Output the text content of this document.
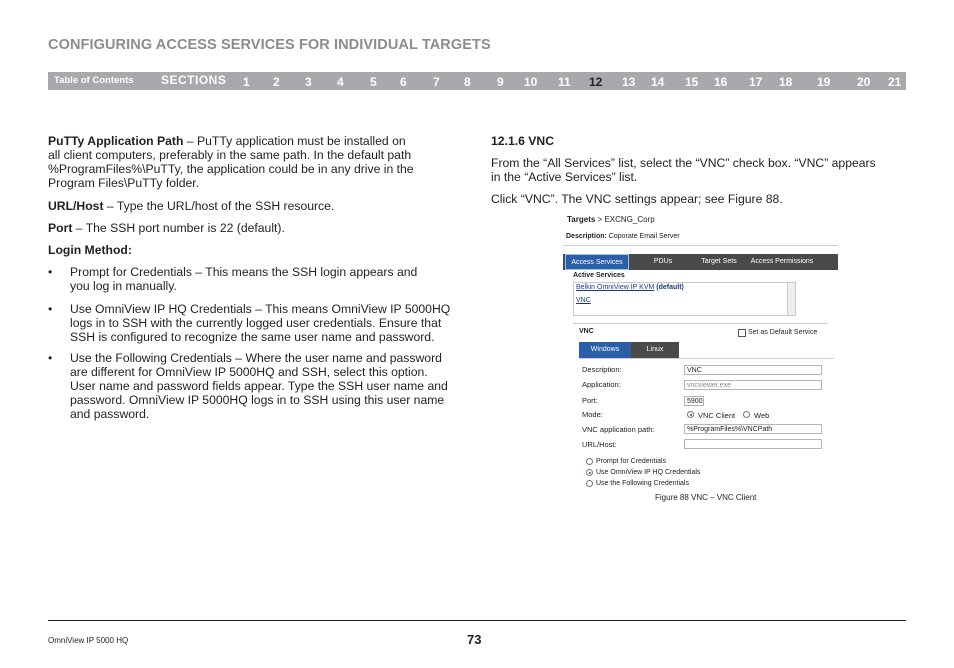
CONFIGURING ACCESS SERVICES FOR INDIVIDUAL TARGETS
Table of Contents SECTIONS 1 2 3 4 5 6 7 8 9 10 11 12 13 14 15 16 17 18 19 20 21

PuTTy Application Path – PuTTy application must be installed on

all client computers, preferably in the same path. In the default path

%ProgramFiles%\PuTTy, the application could be in any drive in the

Program Files\PuTTy folder.

URL/Host – Type the URL/host of the SSH resource.

Port – The SSH port number is 22 (default).

Login Method:

• Prompt for Credentials – This means the SSH login appears and
you log in manually.
• Use OmniView IP HQ Credentials – This means OmniView IP 5000HQ
logs in to SSH with the currently logged user credentials. Ensure that
SSH is configured to recognize the same user name and password.
• Use the Following Credentials – Where the user name and password
are different for OmniView IP 5000HQ and SSH, select this option.
User name and password fields appear. Type the SSH user name and
password. OmniView IP 5000HQ logs in to SSH using this user name
and password.

12.1.6 VNC

From the “All Services” list, select the “VNC” check box. “VNC” appears

in the “Active Services” list.

Click “VNC”. The VNC settings appear; see Figure 88.

Targets > EXCNG_Corp
Description: Coporate Email Server
Access Services	PDUs	Target Sets	Access Permissions
Active Services
Belkin OmniView IP KVM (default)
VNC
VNC	Set as Default Service
Windows	Linux
Description:	VNC
Application:	vncviewer.exe
Port:	5900
Mode:	VNC Client	Web
VNC application path:	%ProgramFiles%\VNCPath
URL/Host:
Prompt for Credentials
Use OmniView IP HQ Credentials
Use the Following Credentials
Figure 88 VNC – VNC Client
OmniView IP 5000 HQ	73
